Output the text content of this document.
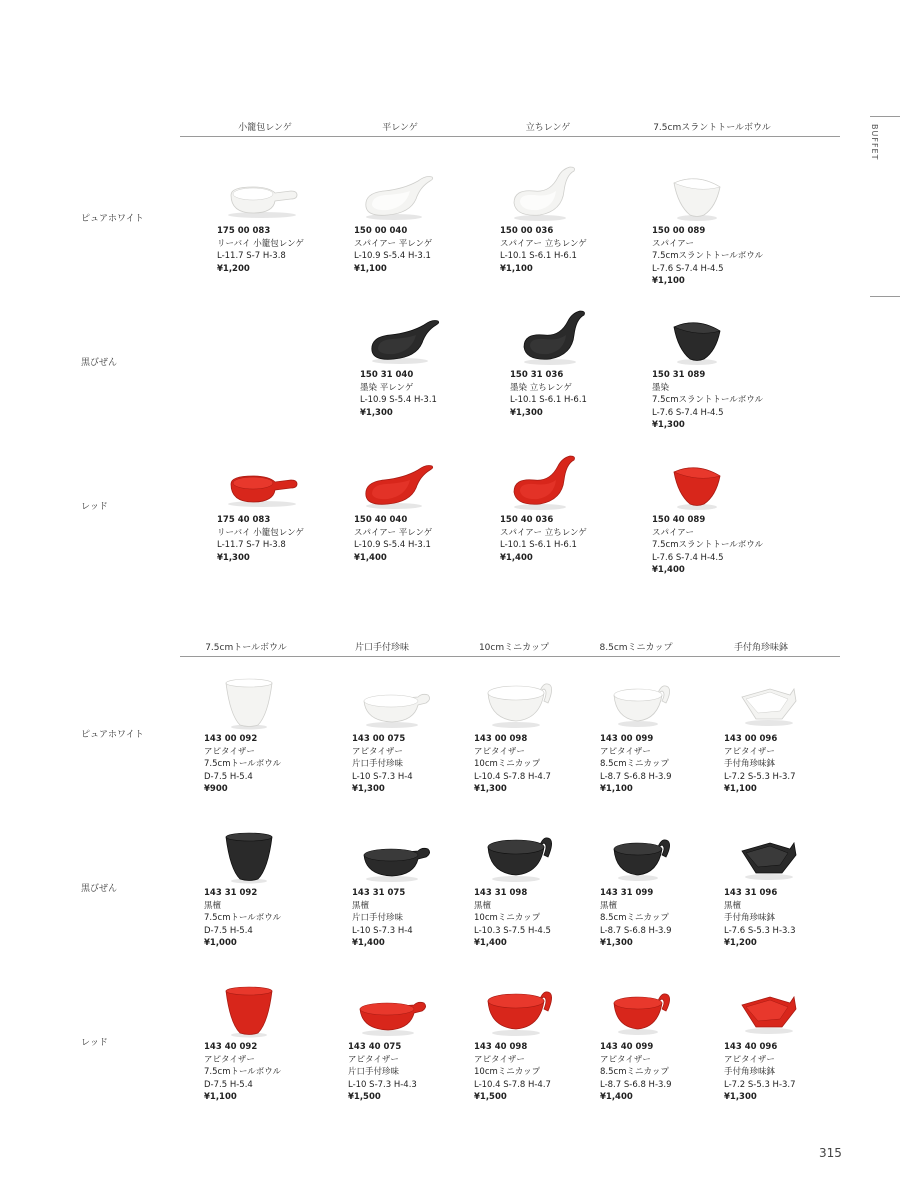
BUFFET
小籠包レンゲ	平レンゲ	立ちレンゲ	7.5cmスラントトールボウル
ピュアホワイト
黒びぜん
レッド
7.5cmトールボウル	片口手付珍味	10cmミニカップ	8.5cmミニカップ	手付角珍味鉢
ピュアホワイト
黒びぜん
レッド
175 00 083
リーバイ 小籠包レンゲ
L-11.7 S-7 H-3.8
¥1,200
150 00 040
スパイアー 平レンゲ
L-10.9 S-5.4 H-3.1
¥1,100
150 00 036
スパイアー 立ちレンゲ
L-10.1 S-6.1 H-6.1
¥1,100
150 00 089
スパイアー
7.5cmスラントトールボウル
L-7.6 S-7.4 H-4.5
¥1,100
150 31 040
墨染 平レンゲ
L-10.9 S-5.4 H-3.1
¥1,300
150 31 036
墨染 立ちレンゲ
L-10.1 S-6.1 H-6.1
¥1,300
150 31 089
墨染
7.5cmスラントトールボウル
L-7.6 S-7.4 H-4.5
¥1,300
175 40 083
リーバイ 小籠包レンゲ
L-11.7 S-7 H-3.8
¥1,300
150 40 040
スパイアー 平レンゲ
L-10.9 S-5.4 H-3.1
¥1,400
150 40 036
スパイアー 立ちレンゲ
L-10.1 S-6.1 H-6.1
¥1,400
150 40 089
スパイアー
7.5cmスラントトールボウル
L-7.6 S-7.4 H-4.5
¥1,400
143 00 092
アピタイザー
7.5cmトールボウル
D-7.5 H-5.4
¥900
143 00 075
アピタイザー
片口手付珍味
L-10 S-7.3 H-4
¥1,300
143 00 098
アピタイザー
10cmミニカップ
L-10.4 S-7.8 H-4.7
¥1,300
143 00 099
アピタイザー
8.5cmミニカップ
L-8.7 S-6.8 H-3.9
¥1,100
143 00 096
アピタイザー
手付角珍味鉢
L-7.2 S-5.3 H-3.7
¥1,100
143 31 092
黒檀
7.5cmトールボウル
D-7.5 H-5.4
¥1,000
143 31 075
黒檀
片口手付珍味
L-10 S-7.3 H-4
¥1,400
143 31 098
黒檀
10cmミニカップ
L-10.3 S-7.5 H-4.5
¥1,400
143 31 099
黒檀
8.5cmミニカップ
L-8.7 S-6.8 H-3.9
¥1,300
143 31 096
黒檀
手付角珍味鉢
L-7.6 S-5.3 H-3.3
¥1,200
143 40 092
アピタイザー
7.5cmトールボウル
D-7.5 H-5.4
¥1,100
143 40 075
アピタイザー
片口手付珍味
L-10 S-7.3 H-4.3
¥1,500
143 40 098
アピタイザー
10cmミニカップ
L-10.4 S-7.8 H-4.7
¥1,500
143 40 099
アピタイザー
8.5cmミニカップ
L-8.7 S-6.8 H-3.9
¥1,400
143 40 096
アピタイザー
手付角珍味鉢
L-7.2 S-5.3 H-3.7
¥1,300
315
